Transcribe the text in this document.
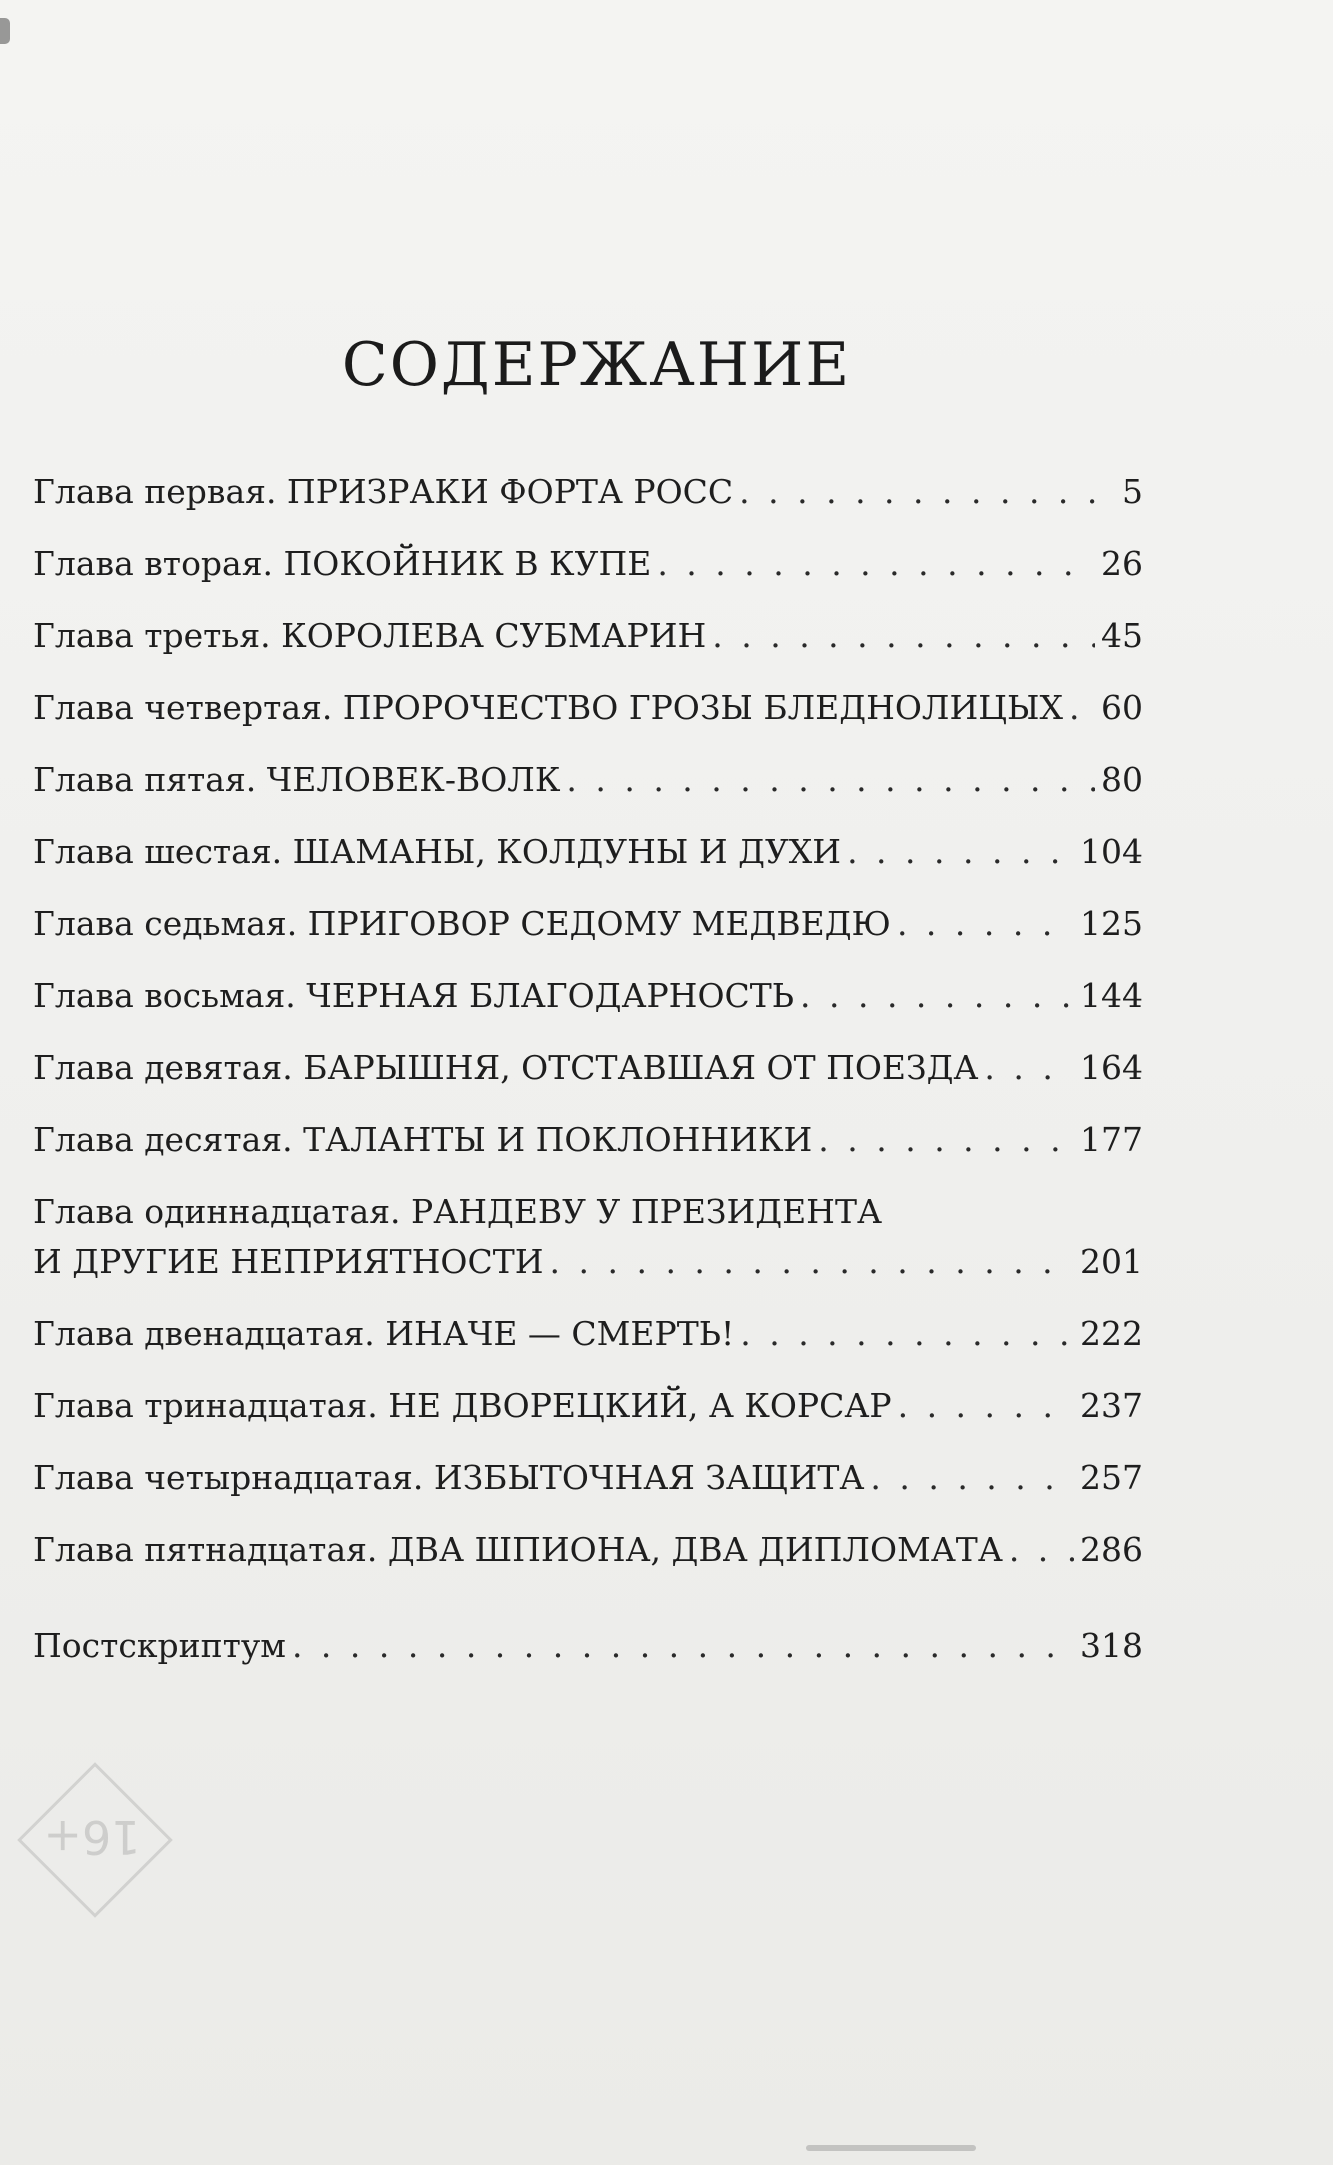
СОДЕРЖАНИЕ
Глава первая. ПРИЗРАКИ ФОРТА РОСС . . .	5
Глава вторая. ПОКОЙНИК В КУПЕ . . .	26
Глава третья. КОРОЛЕВА СУБМАРИН . . .	45
Глава четвертая. ПРОРОЧЕСТВО ГРОЗЫ БЛЕДНОЛИЦЫХ . . . 60
Глава пятая. ЧЕЛОВЕК-ВОЛК . . .	80
Глава шестая. ШАМАНЫ, КОЛДУНЫ И ДУХИ . . .	104
Глава седьмая. ПРИГОВОР СЕДОМУ МЕДВЕДЮ . . .	125
Глава восьмая. ЧЕРНАЯ БЛАГОДАРНОСТЬ . . .	144
Глава девятая. БАРЫШНЯ, ОТСТАВШАЯ ОТ ПОЕЗДА . . .	164
Глава десятая. ТАЛАНТЫ И ПОКЛОННИКИ . . .	177
Глава одиннадцатая. РАНДЕВУ У ПРЕЗИДЕНТА
И ДРУГИЕ НЕПРИЯТНОСТИ . . .	201
Глава двенадцатая. ИНАЧЕ — СМЕРТЬ! . . .	222
Глава тринадцатая. НЕ ДВОРЕЦКИЙ, А КОРСАР . . .	237
Глава четырнадцатая. ИЗБЫТОЧНАЯ ЗАЩИТА . . .	257
Глава пятнадцатая. ДВА ШПИОНА, ДВА ДИПЛОМАТА . . . 286
Постскриптум . . .	318
16+
